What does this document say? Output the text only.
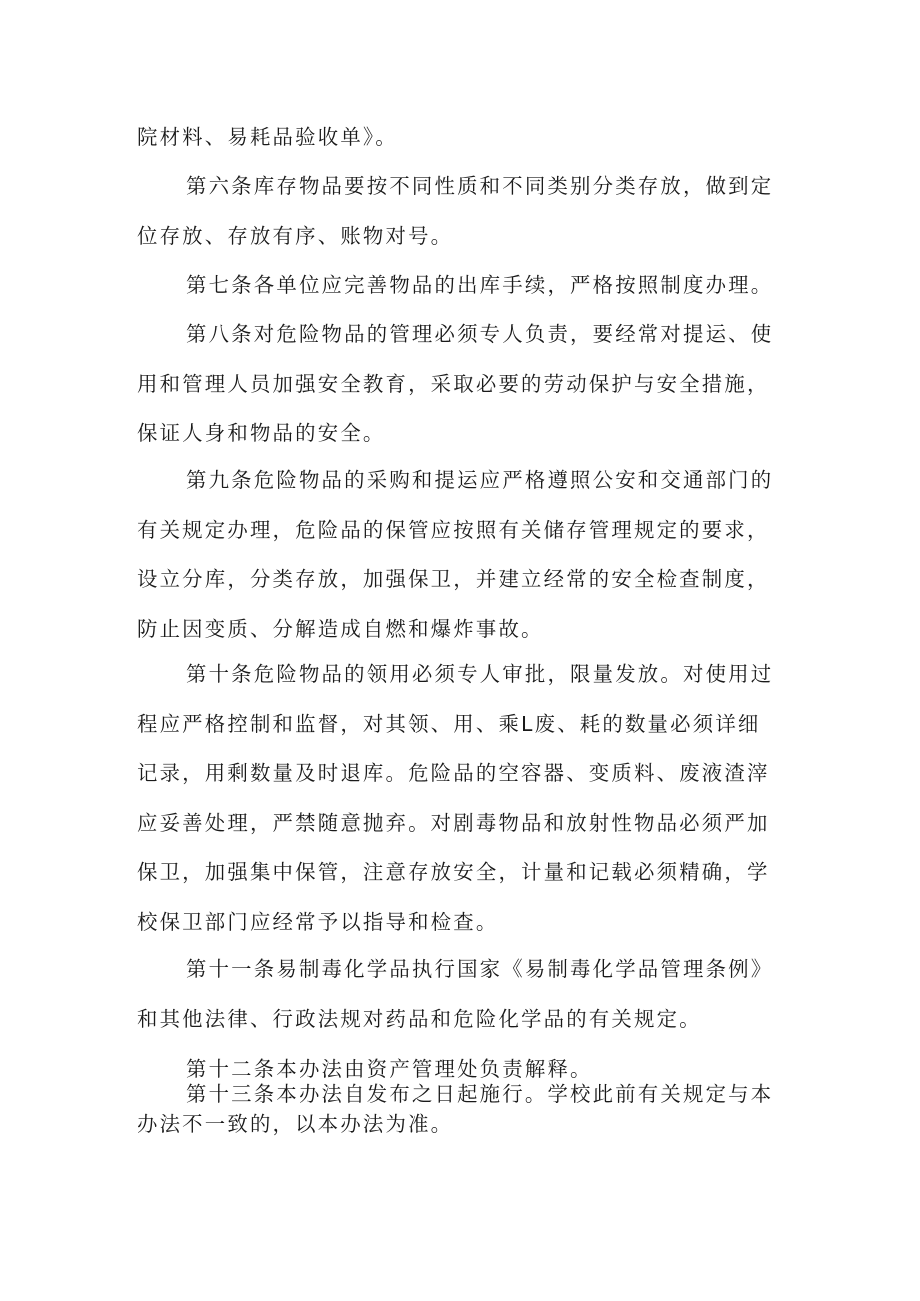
院材料、易耗品验收单》。

第六条库存物品要按不同性质和不同类别分类存放，做到定
位存放、存放有序、账物对号。

第七条各单位应完善物品的出库手续，严格按照制度办理。

第八条对危险物品的管理必须专人负责，要经常对提运、使
用和管理人员加强安全教育，采取必要的劳动保护与安全措施，
保证人身和物品的安全。

第九条危险物品的采购和提运应严格遵照公安和交通部门的
有关规定办理，危险品的保管应按照有关储存管理规定的要求，
设立分库，分类存放，加强保卫，并建立经常的安全检查制度，
防止因变质、分解造成自燃和爆炸事故。

第十条危险物品的领用必须专人审批，限量发放。对使用过
程应严格控制和监督，对其领、用、乘L废、耗的数量必须详细
记录，用剩数量及时退库。危险品的空容器、变质料、废液渣滓
应妥善处理，严禁随意抛弃。对剧毒物品和放射性物品必须严加
保卫，加强集中保管，注意存放安全，计量和记载必须精确，学
校保卫部门应经常予以指导和检查。

第十一条易制毒化学品执行国家《易制毒化学品管理条例》
和其他法律、行政法规对药品和危险化学品的有关规定。

第十二条本办法由资产管理处负责解释。

第十三条本办法自发布之日起施行。学校此前有关规定与本
办法不一致的，以本办法为准。
